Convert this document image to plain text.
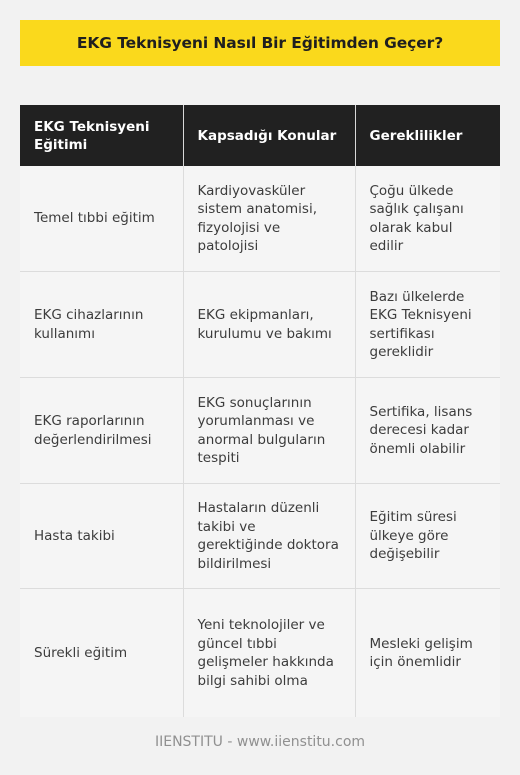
EKG Teknisyeni Nasıl Bir Eğitimden Geçer?
EKG Teknisyeni Eğitimi	Kapsadığı Konular	Gereklilikler
Temel tıbbi eğitim	Kardiyovasküler sistem anatomisi, fizyolojisi ve patolojisi	Çoğu ülkede sağlık çalışanı olarak kabul edilir
EKG cihazlarının kullanımı	EKG ekipmanları, kurulumu ve bakımı	Bazı ülkelerde EKG Teknisyeni sertifikası gereklidir
EKG raporlarının değerlendirilmesi	EKG sonuçlarının yorumlanması ve anormal bulguların tespiti	Sertifika, lisans derecesi kadar önemli olabilir
Hasta takibi	Hastaların düzenli takibi ve gerektiğinde doktora bildirilmesi	Eğitim süresi ülkeye göre değişebilir
Sürekli eğitim	Yeni teknolojiler ve güncel tıbbi gelişmeler hakkında bilgi sahibi olma	Mesleki gelişim için önemlidir
IIENSTITU - www.iienstitu.com
